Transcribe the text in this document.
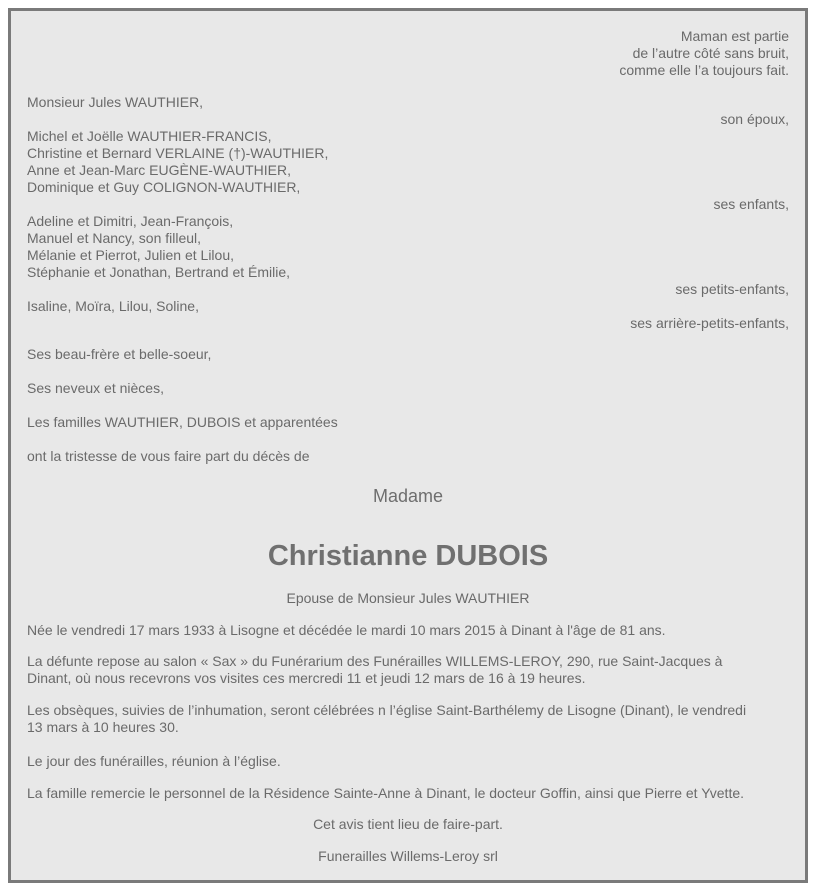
Maman est partie
de l’autre côté sans bruit,
comme elle l’a toujours fait.
Monsieur Jules WAUTHIER,
son époux,
Michel et Joëlle WAUTHIER-FRANCIS,
Christine et Bernard VERLAINE (†)-WAUTHIER,
Anne et Jean-Marc EUGÈNE-WAUTHIER,
Dominique et Guy COLIGNON-WAUTHIER,
ses enfants,
Adeline et Dimitri, Jean-François,
Manuel et Nancy, son filleul,
Mélanie et Pierrot, Julien et Lilou,
Stéphanie et Jonathan, Bertrand et Émilie,
ses petits-enfants,
Isaline, Moïra, Lilou, Soline,
ses arrière-petits-enfants,
Ses beau-frère et belle-soeur,
Ses neveux et nièces,
Les familles WAUTHIER, DUBOIS et apparentées
ont la tristesse de vous faire part du décès de
Madame
Christianne DUBOIS
Epouse de Monsieur Jules WAUTHIER
Née le vendredi 17 mars 1933 à Lisogne et décédée le mardi 10 mars 2015 à Dinant à l'âge de 81 ans.
La défunte repose au salon « Sax » du Funérarium des Funérailles WILLEMS-LEROY, 290, rue Saint-Jacques à
Dinant, où nous recevrons vos visites ces mercredi 11 et jeudi 12 mars de 16 à 19 heures.
Les obsèques, suivies de l’inhumation, seront célébrées n l’église Saint-Barthélemy de Lisogne (Dinant), le vendredi
13 mars à 10 heures 30.
Le jour des funérailles, réunion à l’église.
La famille remercie le personnel de la Résidence Sainte-Anne à Dinant, le docteur Goffin, ainsi que Pierre et Yvette.
Cet avis tient lieu de faire-part.
Funerailles Willems-Leroy srl
